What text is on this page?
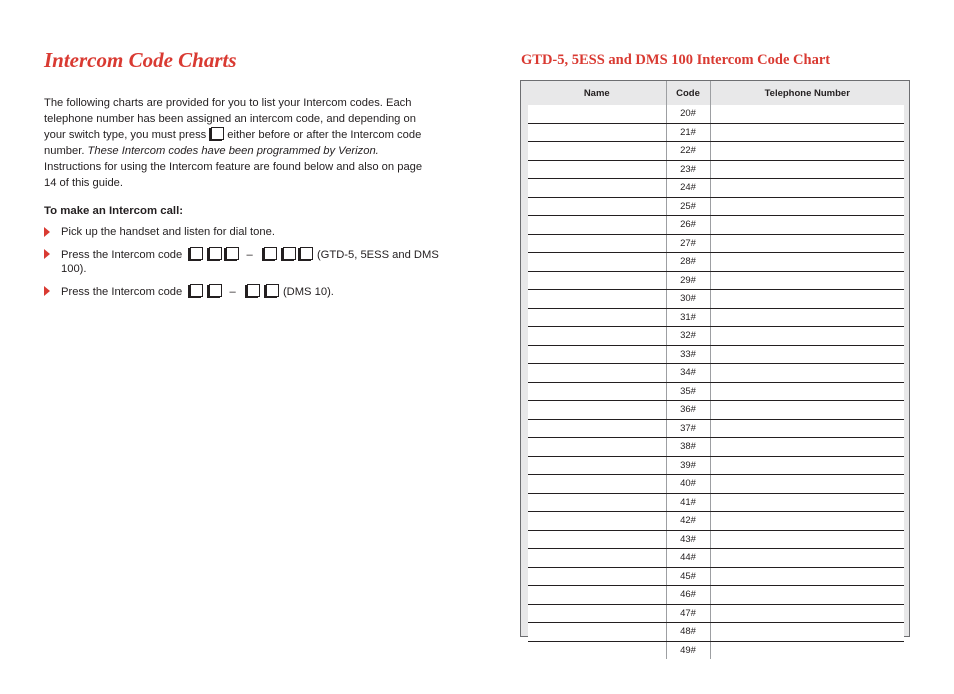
Intercom Code Charts

The following charts are provided for you to list your Intercom codes. Each telephone number has been assigned an intercom code, and depending on your switch type, you must press either before or after the Intercom code number. These Intercom codes have been programmed by Verizon. Instructions for using the Intercom feature are found below and also on page 14 of this guide.

To make an Intercom call:
Pick up the handset and listen for dial tone.
Press the Intercom code	–	(GTD-5, 5ESS and DMS 100).
Press the Intercom code	–	(DMS 10).
GTD-5, 5ESS and DMS 100 Intercom Code Chart
Name	Code	Telephone Number
	20#	
	21#	
	22#	
	23#	
	24#	
	25#	
	26#	
	27#	
	28#	
	29#	
	30#	
	31#	
	32#	
	33#	
	34#	
	35#	
	36#	
	37#	
	38#	
	39#	
	40#	
	41#	
	42#	
	43#	
	44#	
	45#	
	46#	
	47#	
	48#	
	49#	
